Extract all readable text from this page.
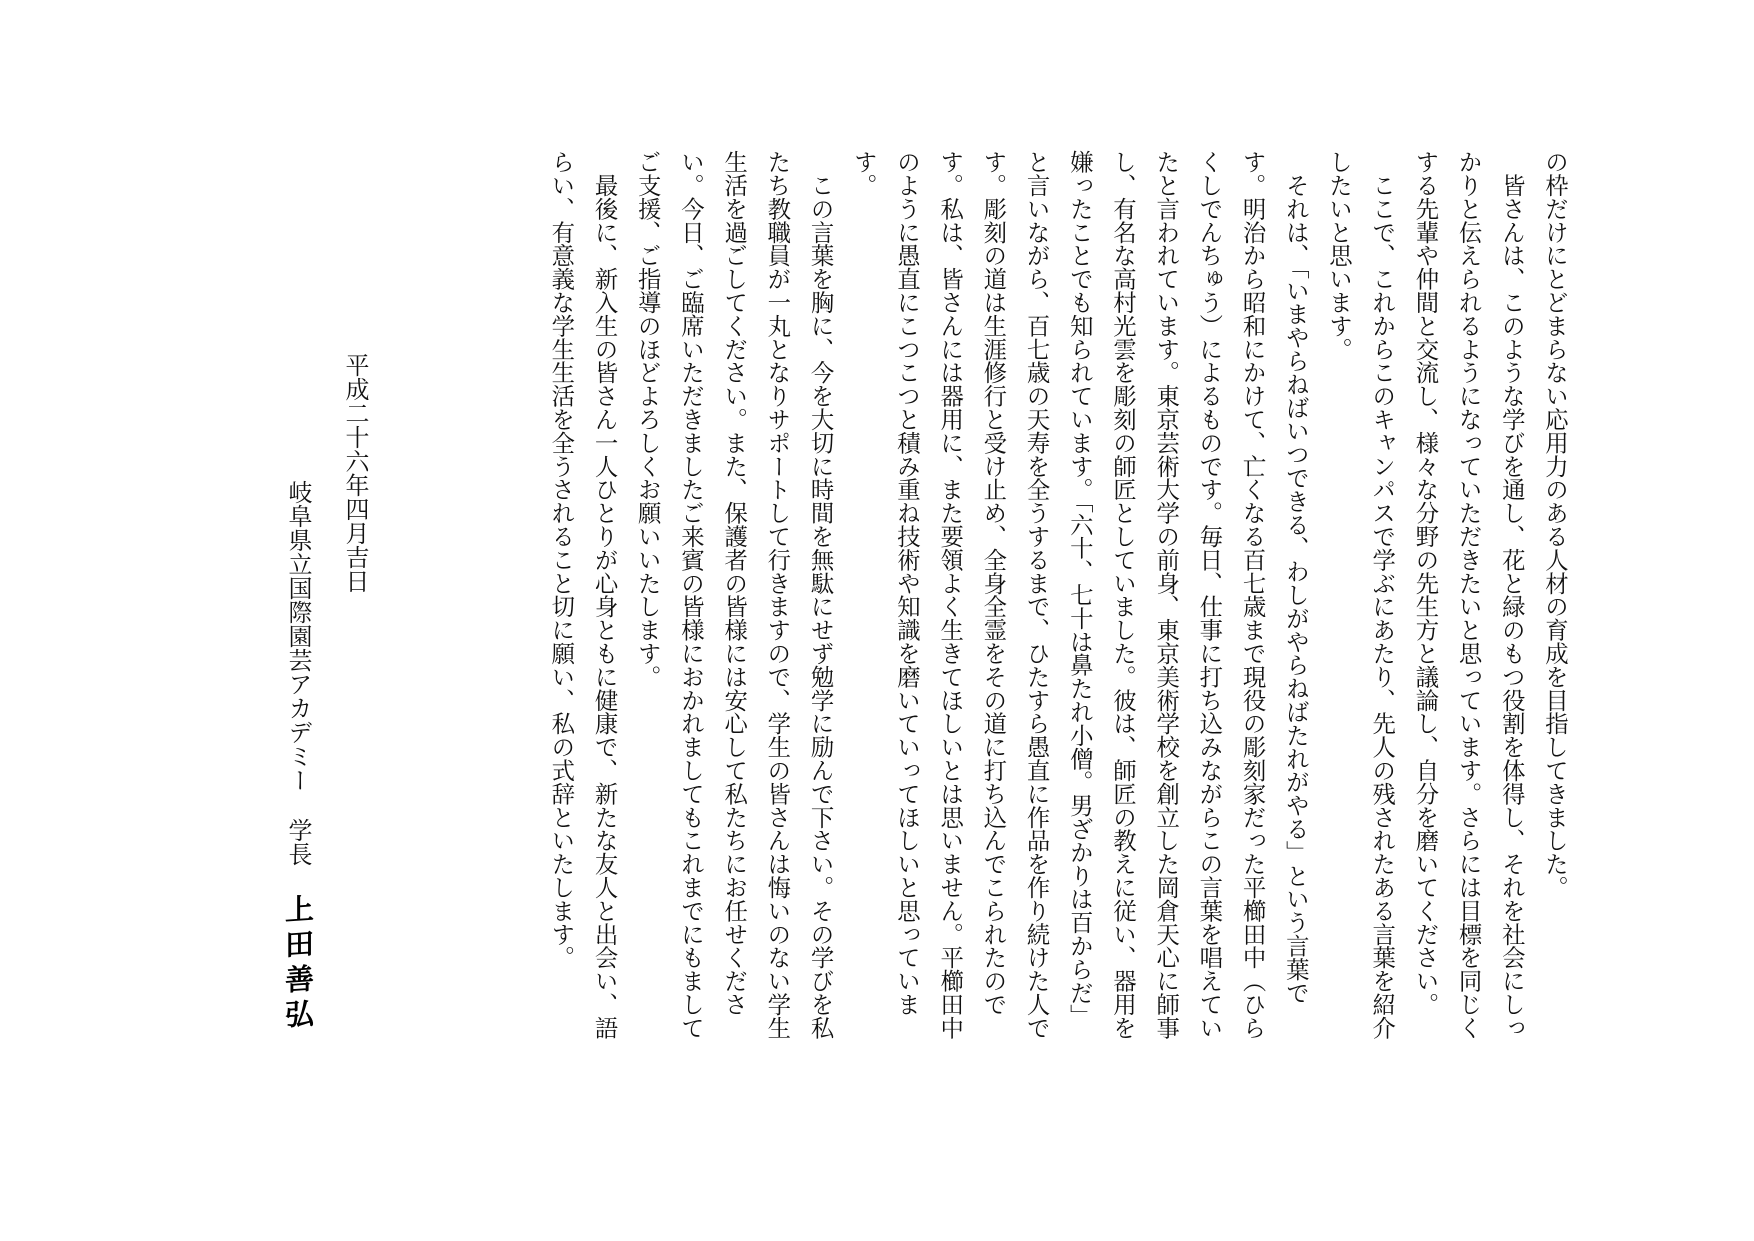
の枠だけにとどまらない応用力のある人材の育成を目指してきました。

　皆さんは、このような学びを通し、花と緑のもつ役割を体得し、それを社会にしっかりと伝えられるようになっていただきたいと思っています。さらには目標を同じくする先輩や仲間と交流し、様々な分野の先生方と議論し、自分を磨いてください。

　ここで、これからこのキャンパスで学ぶにあたり、先人の残されたある言葉を紹介したいと思います。

　それは、「いまやらねばいつできる、わしがやらねばたれがやる」という言葉です。明治から昭和にかけて、亡くなる百七歳まで現役の彫刻家だった平櫛田中（ひらくしでんちゅう）によるものです。毎日、仕事に打ち込みながらこの言葉を唱えていたと言われています。東京芸術大学の前身、東京美術学校を創立した岡倉天心に師事し、有名な高村光雲を彫刻の師匠としていました。彼は、師匠の教えに従い、器用を嫌ったことでも知られています。「六十、七十は鼻たれ小僧。男ざかりは百からだ」と言いながら、百七歳の天寿を全うするまで、ひたすら愚直に作品を作り続けた人です。彫刻の道は生涯修行と受け止め、全身全霊をその道に打ち込んでこられたのです。私は、皆さんには器用に、また要領よく生きてほしいとは思いません。平櫛田中のように愚直にこつこつと積み重ね技術や知識を磨いていってほしいと思っています。

　この言葉を胸に、今を大切に時間を無駄にせず勉学に励んで下さい。その学びを私たち教職員が一丸となりサポートして行きますので、学生の皆さんは悔いのない学生生活を過ごしてください。また、保護者の皆様には安心して私たちにお任せください。今日、ご臨席いただきましたご来賓の皆様におかれましてもこれまでにもましてご支援、ご指導のほどよろしくお願いいたします。

　最後に、新入生の皆さん一人ひとりが心身ともに健康で、新たな友人と出会い、語らい、有意義な学生生活を全うされること切に願い、私の式辞といたします。

平成二十六年四月吉日
岐阜県立国際園芸アカデミー学長上田善弘
